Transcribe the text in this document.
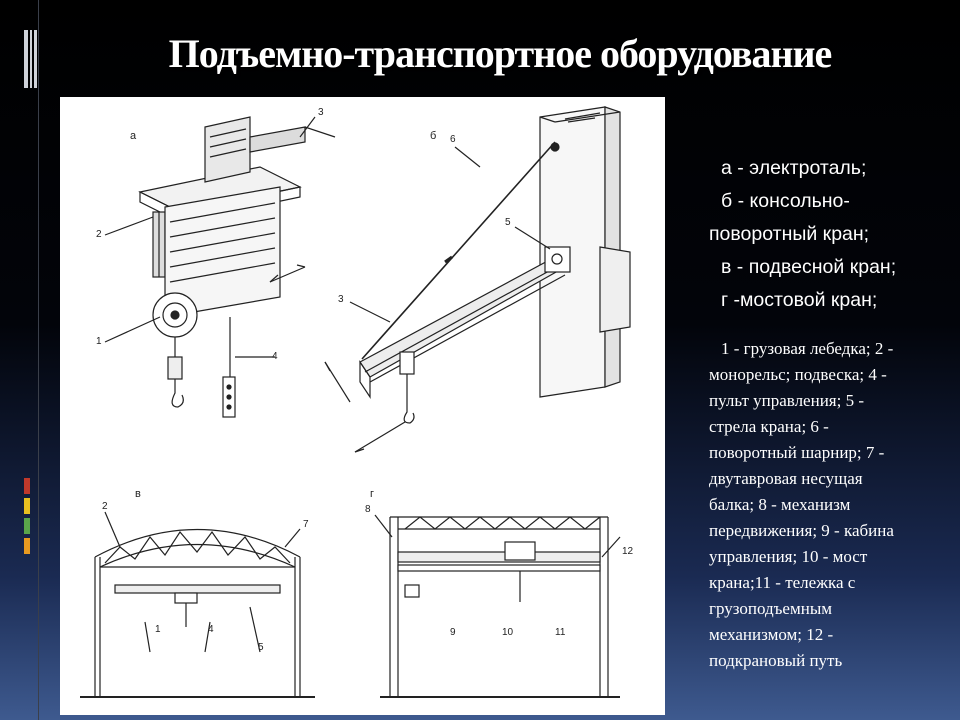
Подъемно-транспортное оборудование
а
2
1
3
4
б
3
5
6
в
2
7
1	4
5
г
8
12
9	10	11
а - электроталь;
б - консольно-
поворотный кран;
в - подвесной кран;
г -мостовой кран;
1 - грузовая лебедка; 2 -
монорельс; подвеска; 4 -
пульт управления; 5 -
стрела крана; 6 -
поворотный шарнир; 7 -
двутавровая несущая
балка; 8 - механизм
передвижения; 9 - кабина
управления; 10 - мост
крана;11 - тележка с
грузоподъемным
механизмом; 12 -
подкрановый путь
